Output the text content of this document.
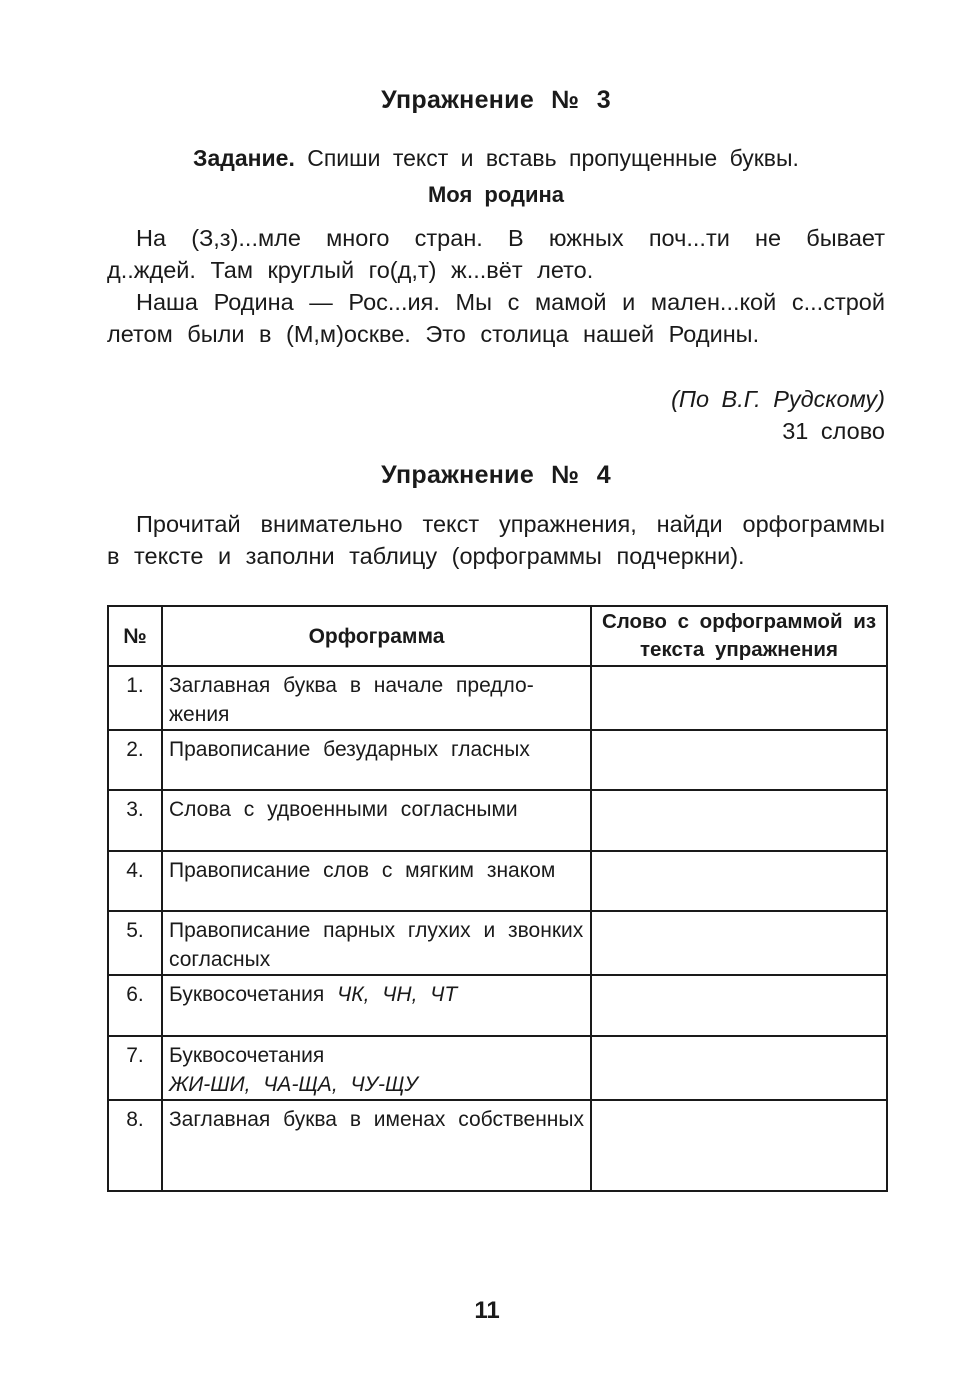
Упражнение № 3
Задание. Спиши текст и вставь пропущенные буквы.
Моя родина
На (З,з)...мле много стран. В южных поч...ти не бывает д..ждей. Там круглый го(д,т) ж...вёт лето.
Наша Родина — Рос...ия. Мы с мамой и мален...кой с...строй летом были в (М,м)оскве. Это столица нашей Родины.
(По В.Г. Рудскому)
31 слово
Упражнение № 4
Прочитай внимательно текст упражнения, найди орфограммы в тексте и заполни таблицу (орфограммы подчеркни).
№	Орфограмма	Слово с орфограммой из текста упражнения
1.	Заглавная буква в начале предло-жения	
2.	Правописание безударных гласных	
3.	Слова с удвоенными согласными	
4.	Правописание слов с мягким знаком	
5.	Правописание парных глухих и звонких согласных	
6.	Буквосочетания ЧК, ЧН, ЧТ	
7.	Буквосочетания
ЖИ-ШИ, ЧА-ЩА, ЧУ-ЩУ	

8.	Заглавная буква в именах собственных	
11
